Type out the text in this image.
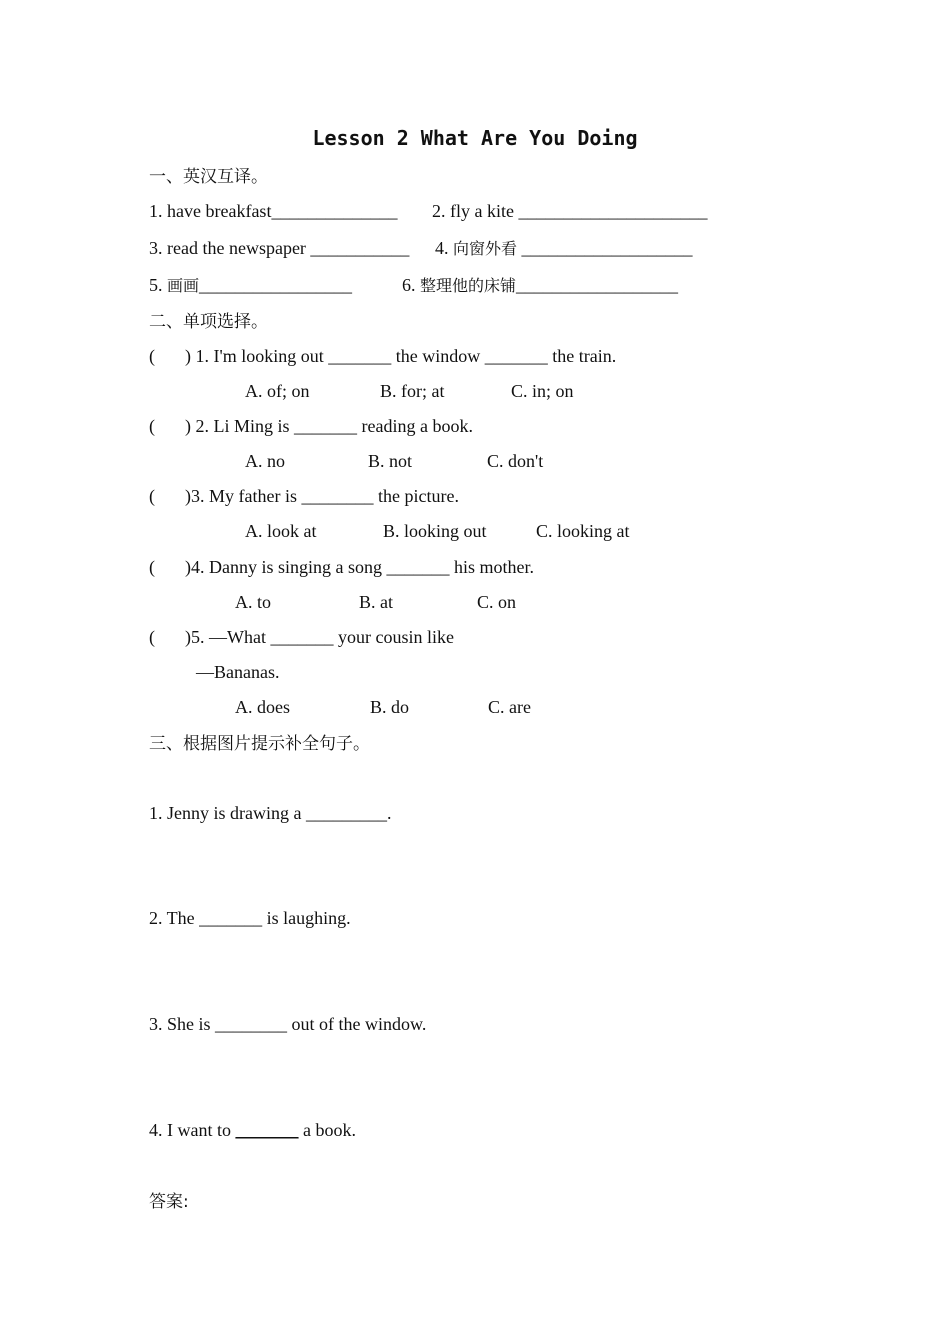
Lesson 2 What Are You Doing
一、英汉互译。
1. have breakfast______________ 2. fly a kite _____________________
3. read the newspaper ___________ 4. 向窗外看 ___________________
5. 画画_________________	6. 整理他的床铺__________________
二、单项选择。
( ) 1. I'm looking out _______ the window _______ the train.
A. of; on	B. for; at	C. in; on
( ) 2. Li Ming is _______ reading a book.
A. no	B. not	C. don't
( )3. My father is ________ the picture.
A. look at	B. looking out	C. looking at
( )4. Danny is singing a song _______ his mother.
A. to	B. at	C. on
( )5. —What _______ your cousin like
—Bananas.
A. does	B. do	C. are
三、根据图片提示补全句子。
1. Jenny is drawing a _________.
2. The _______ is laughing.
3. She is ________ out of the window.
4. I want to _______ a book.
答案:
